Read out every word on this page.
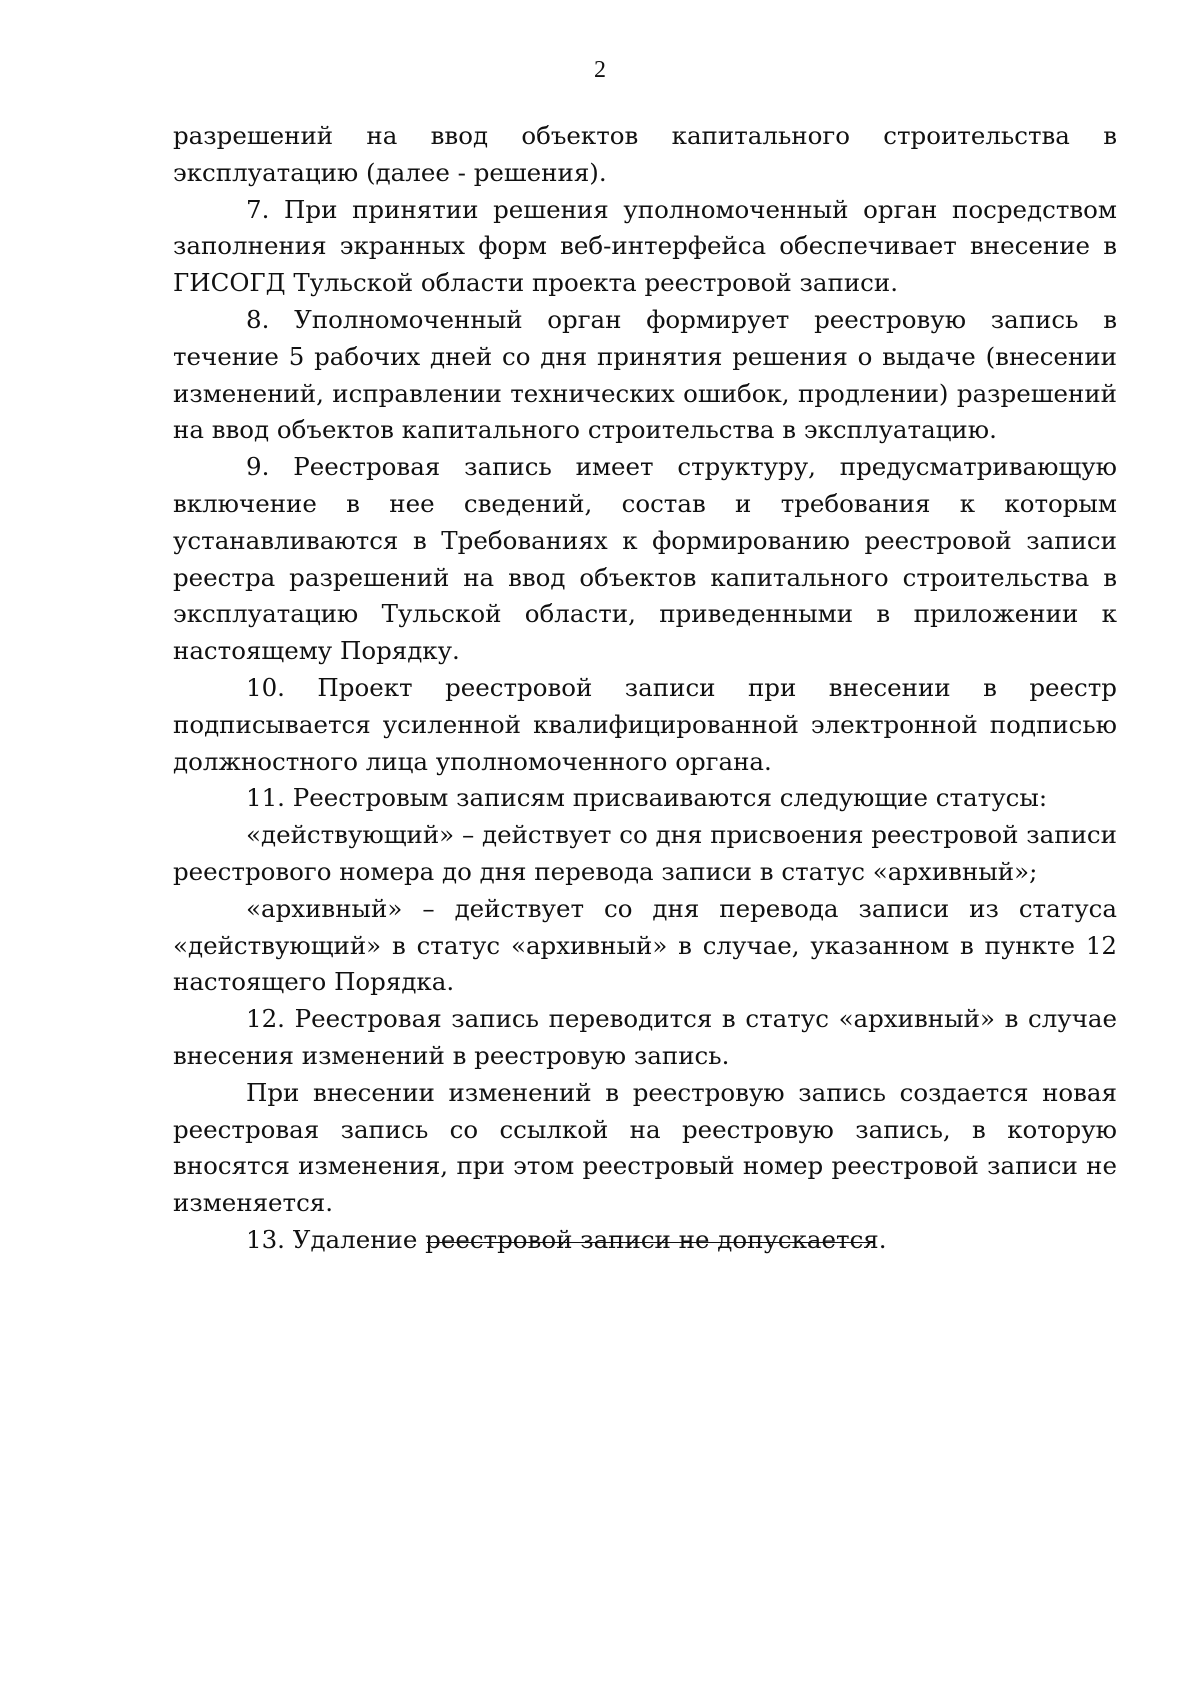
2

разрешений на ввод объектов капитального строительства в эксплуатацию (далее - решения).

7. При принятии решения уполномоченный орган посредством заполнения экранных форм веб-интерфейса обеспечивает внесение в ГИСОГД Тульской области проекта реестровой записи.

8. Уполномоченный орган формирует реестровую запись в течение 5 рабочих дней со дня принятия решения о выдаче (внесении изменений, исправлении технических ошибок, продлении) разрешений на ввод объектов капитального строительства в эксплуатацию.

9. Реестровая запись имеет структуру, предусматривающую включение в нее сведений, состав и требования к которым устанавливаются в Требованиях к формированию реестровой записи реестра разрешений на ввод объектов капитального строительства в эксплуатацию Тульской области, приведенными в приложении к настоящему Порядку.

10. Проект реестровой записи при внесении в реестр подписывается усиленной квалифицированной электронной подписью должностного лица уполномоченного органа.

11. Реестровым записям присваиваются следующие статусы:

«действующий» – действует со дня присвоения реестровой записи реестрового номера до дня перевода записи в статус «архивный»;

«архивный» – действует со дня перевода записи из статуса «действующий» в статус «архивный» в случае, указанном в пункте 12 настоящего Порядка.

12. Реестровая запись переводится в статус «архивный» в случае внесения изменений в реестровую запись.

При внесении изменений в реестровую запись создается новая реестровая запись со ссылкой на реестровую запись, в которую вносятся изменения, при этом реестровый номер реестровой записи не изменяется.

13. Удаление реестровой записи не допускается.
